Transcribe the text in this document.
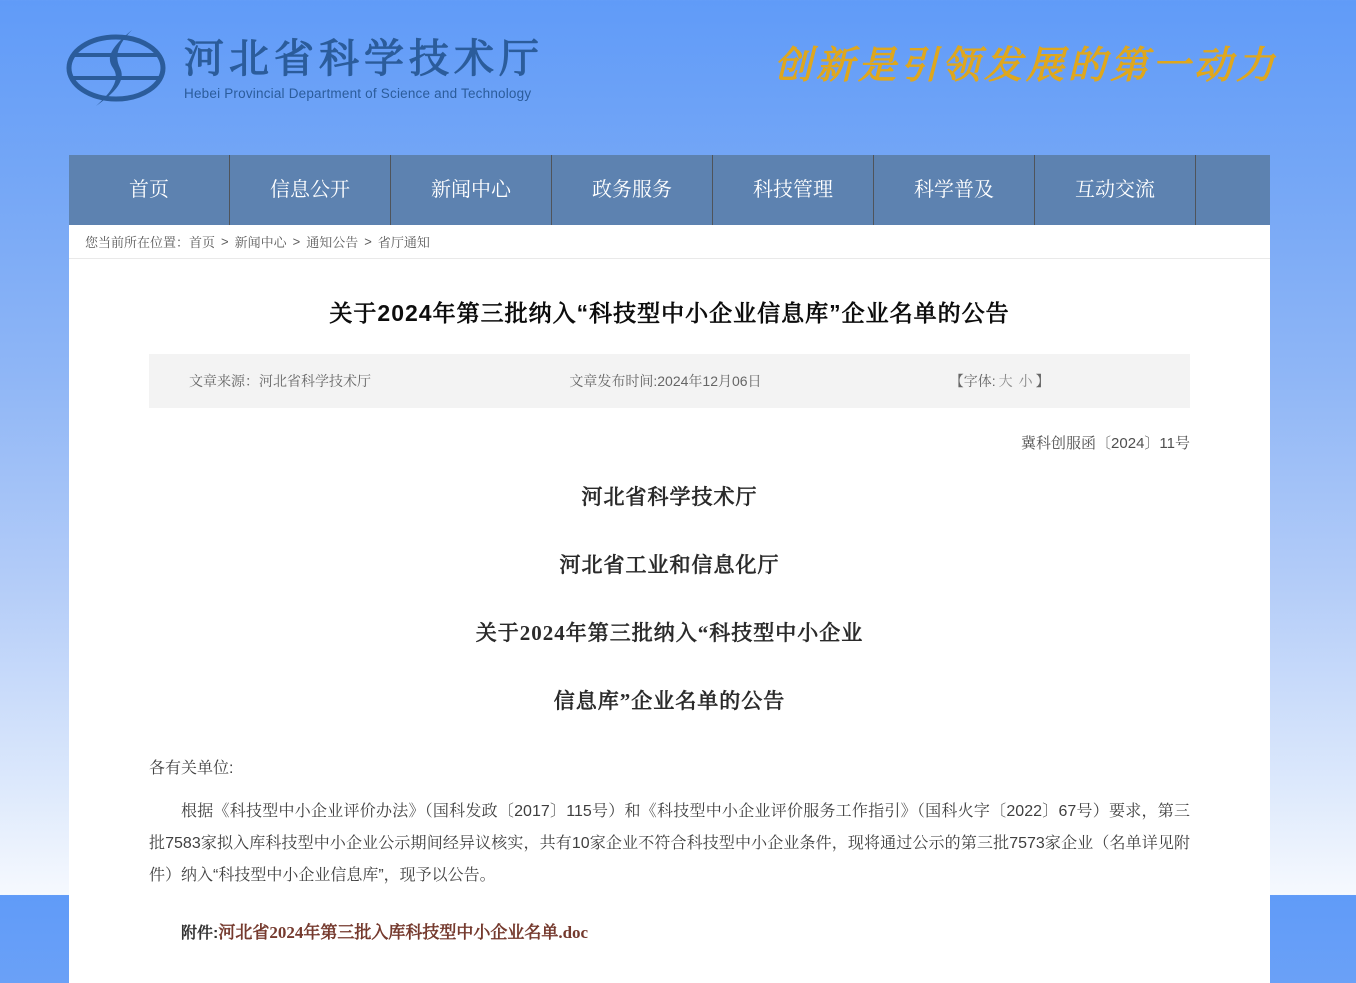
河北省科学技术厅
Hebei Provincial Department of Science and Technology
创新是引领发展的第一动力
首页	信息公开	新闻中心	政务服务	科技管理	科学普及	互动交流
您当前所在位置： 首页 > 新闻中心 > 通知公告 > 省厅通知
关于2024年第三批纳入“科技型中小企业信息库”企业名单的公告
文章来源：河北省科学技术厅	文章发布时间:2024年12月06日	【字体: 大 小 】
冀科创服函〔2024〕11号
河北省科学技术厅
河北省工业和信息化厅
关于2024年第三批纳入“科技型中小企业
信息库”企业名单的公告
各有关单位:

根据《科技型中小企业评价办法》（国科发政〔2017〕115号）和《科技型中小企业评价服务工作指引》（国科火字〔2022〕67号）要求，第三批7583家拟入库科技型中小企业公示期间经异议核实，共有10家企业不符合科技型中小企业条件，现将通过公示的第三批7573家企业（名单详见附件）纳入“科技型中小企业信息库”，现予以公告。

附件:河北省2024年第三批入库科技型中小企业名单.doc
